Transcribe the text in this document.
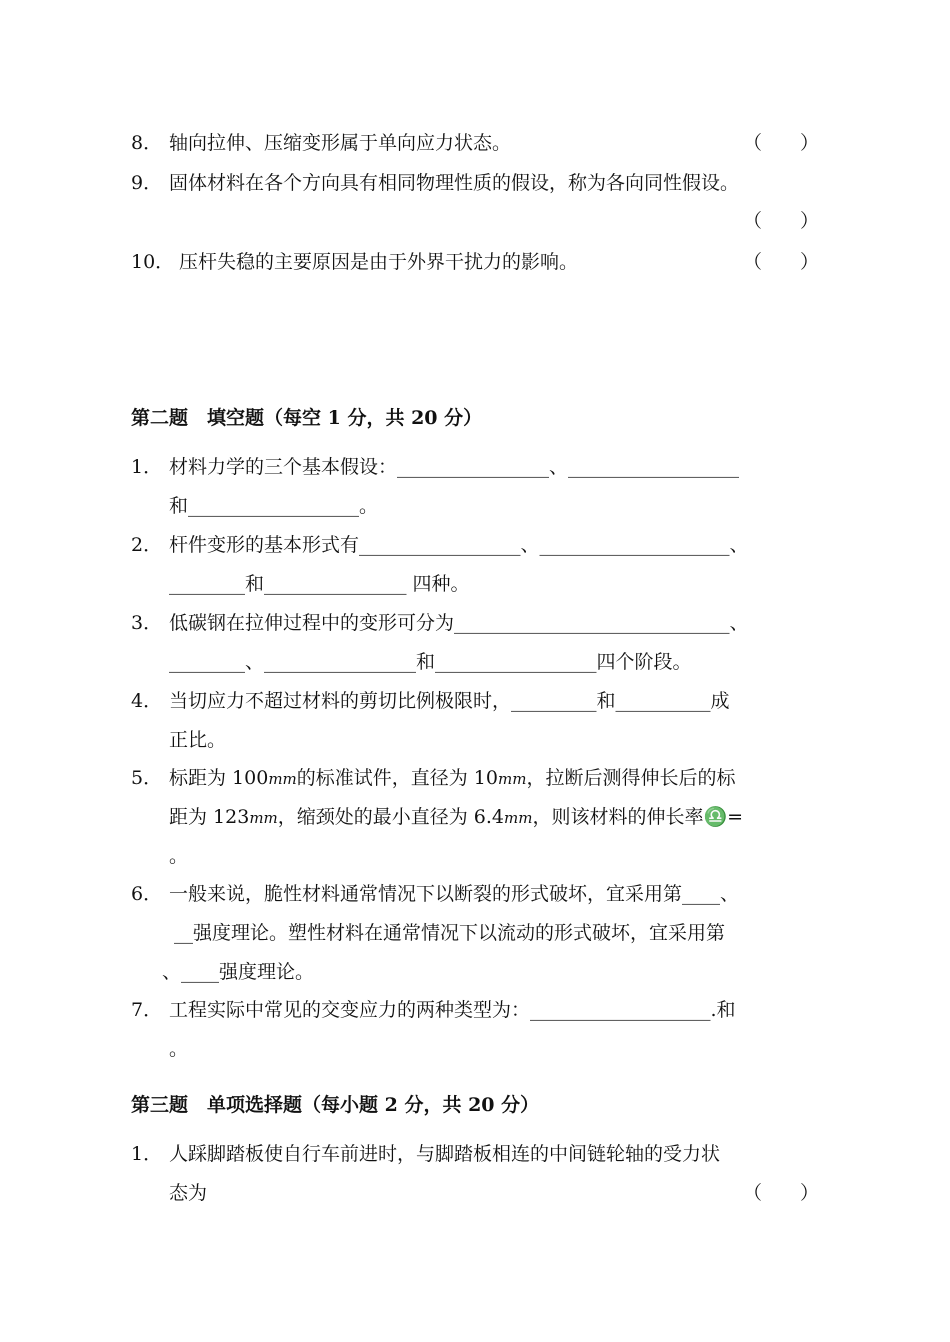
8． 轴向拉伸、压缩变形属于单向应力状态。	（　　）
9． 固体材料在各个方向具有相同物理性质的假设，称为各向同性假设。
（　　）
10． 压杆失稳的主要原因是由于外界干扰力的影响。	（　　）
第二题　填空题（每空 1 分，共 20 分）
1． 材料力学的三个基本假设：________________、__________________
和__________________。
2． 杆件变形的基本形式有_________________、____________________、
________和_______________ 四种。
3． 低碳钢在拉伸过程中的变形可分为_____________________________、
________、________________和_________________四个阶段。
4． 当切应力不超过材料的剪切比例极限时，_________和__________成
正比。
5． 标距为 100mm的标准试件，直径为 10mm，拉断后测得伸长后的标
距为 123mm，缩颈处的最小直径为 6.4mm，则该材料的伸长率♎=
。
6． 一般来说，脆性材料通常情况下以断裂的形式破坏，宜采用第____、
__强度理论。塑性材料在通常情况下以流动的形式破坏，宜采用第
、____强度理论。
7． 工程实际中常见的交变应力的两种类型为：___________________.和
。
第三题　单项选择题（每小题 2 分，共 20 分）
1． 人踩脚踏板使自行车前进时，与脚踏板相连的中间链轮轴的受力状
态为	（　　）
